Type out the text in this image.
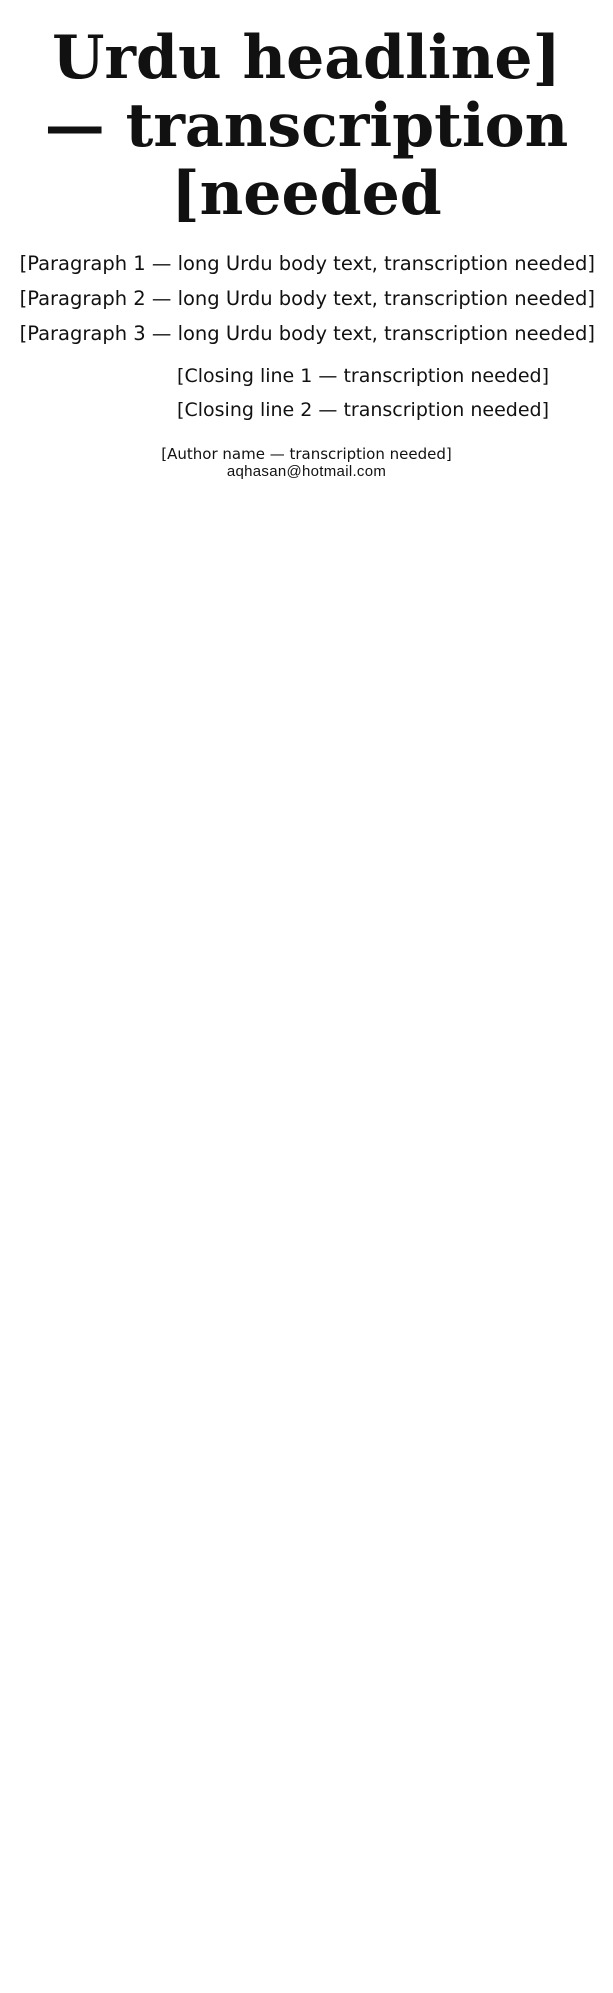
[Urdu headline — transcription needed]

[Paragraph 1 — long Urdu body text, transcription needed]

[Paragraph 2 — long Urdu body text, transcription needed]

[Paragraph 3 — long Urdu body text, transcription needed]

[Closing line 1 — transcription needed]
[Closing line 2 — transcription needed]
[Author name — transcription needed]
aqhasan@hotmail.com
